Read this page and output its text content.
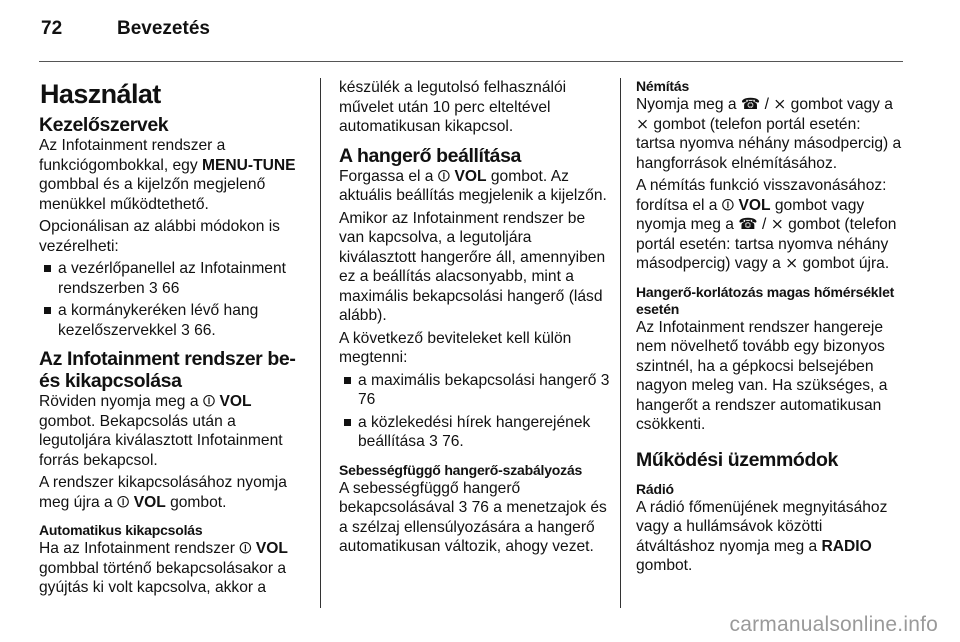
72	Bevezetés
Használat
Kezelőszervek

Az Infotainment rendszer a funkciógombokkal, egy MENU-TUNE gombbal és a kijelzőn megjelenő menükkel működtethető.

Opcionálisan az alábbi módokon is vezérelheti:

a vezérlőpanellel az Infotainment rendszerben 3 66
a kormánykeréken lévő hang kezelőszervekkel 3 66.
Az Infotainment rendszer be- és kikapcsolása

Röviden nyomja meg a ⏼ VOL gombot. Bekapcsolás után a legutoljára kiválasztott Infotainment forrás bekapcsol.

A rendszer kikapcsolásához nyomja meg újra a ⏼ VOL gombot.

Automatikus kikapcsolás

Ha az Infotainment rendszer ⏼ VOL gombbal történő bekapcsolásakor a gyújtás ki volt kapcsolva, akkor a

készülék a legutolsó felhasználói művelet után 10 perc elteltével automatikusan kikapcsol.

A hangerő beállítása

Forgassa el a ⏼ VOL gombot. Az aktuális beállítás megjelenik a kijelzőn.

Amikor az Infotainment rendszer be van kapcsolva, a legutoljára kiválasztott hangerőre áll, amennyiben ez a beállítás alacsonyabb, mint a maximális bekapcsolási hangerő (lásd alább).

A következő beviteleket kell külön megtenni:

a maximális bekapcsolási hangerő 3 76
a közlekedési hírek hangerejének beállítása 3 76.
Sebességfüggő hangerő-szabályozás

A sebességfüggő hangerő bekapcsolásával 3 76 a menetzajok és a szélzaj ellensúlyozására a hangerő automatikusan változik, ahogy vezet.

Némítás

Nyomja meg a ☎ / ⨯ gombot vagy a ⨯ gombot (telefon portál esetén: tartsa nyomva néhány másodpercig) a hangforrások elnémításához.

A némítás funkció visszavonásához: fordítsa el a ⏼ VOL gombot vagy nyomja meg a ☎ / ⨯ gombot (telefon portál esetén: tartsa nyomva néhány másodpercig) vagy a ⨯ gombot újra.

Hangerő-korlátozás magas hőmérséklet esetén

Az Infotainment rendszer hangereje nem növelhető tovább egy bizonyos szintnél, ha a gépkocsi belsejében nagyon meleg van. Ha szükséges, a hangerőt a rendszer automatikusan csökkenti.

Működési üzemmódok
Rádió

A rádió főmenüjének megnyitásához vagy a hullámsávok közötti átváltáshoz nyomja meg a RADIO gombot.

carmanualsonline.info
